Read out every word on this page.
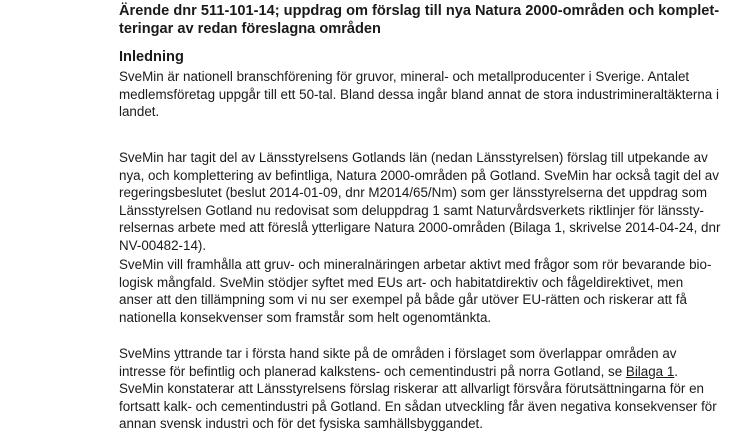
Ärende dnr 511-101-14; uppdrag om förslag till nya Natura 2000-områden och komplet-
teringar av redan föreslagna områden
Inledning
SveMin är nationell branschförening för gruvor, mineral- och metallproducenter i Sverige. Antalet
medlemsföretag uppgår till ett 50-tal. Bland dessa ingår bland annat de stora industrimineraltäkterna i
landet.
SveMin har tagit del av Länsstyrelsens Gotlands län (nedan Länsstyrelsen) förslag till utpekande av
nya, och komplettering av befintliga, Natura 2000-områden på Gotland. SveMin har också tagit del av
regeringsbeslutet (beslut 2014-01-09, dnr M2014/65/Nm) som ger länsstyrelserna det uppdrag som
Länsstyrelsen Gotland nu redovisat som deluppdrag 1 samt Naturvårdsverkets riktlinjer för länssty-
relsernas arbete med att föreslå ytterligare Natura 2000-områden (Bilaga 1, skrivelse 2014-04-24, dnr
NV-00482-14).
SveMin vill framhålla att gruv- och mineralnäringen arbetar aktivt med frågor som rör bevarande bio-
logisk mångfald. SveMin stödjer syftet med EUs art- och habitatdirektiv och fågeldirektivet, men
anser att den tillämpning som vi nu ser exempel på både går utöver EU-rätten och riskerar att få
nationella konsekvenser som framstår som helt ogenomtänkta.
SveMins yttrande tar i första hand sikte på de områden i förslaget som överlappar områden av
intresse för befintlig och planerad kalkstens- och cementindustri på norra Gotland, se Bilaga 1.
SveMin konstaterar att Länsstyrelsens förslag riskerar att allvarligt försvåra förutsättningarna för en
fortsatt kalk- och cementindustri på Gotland. En sådan utveckling får även negativa konsekvenser för
annan svensk industri och för det fysiska samhällsbyggandet.
